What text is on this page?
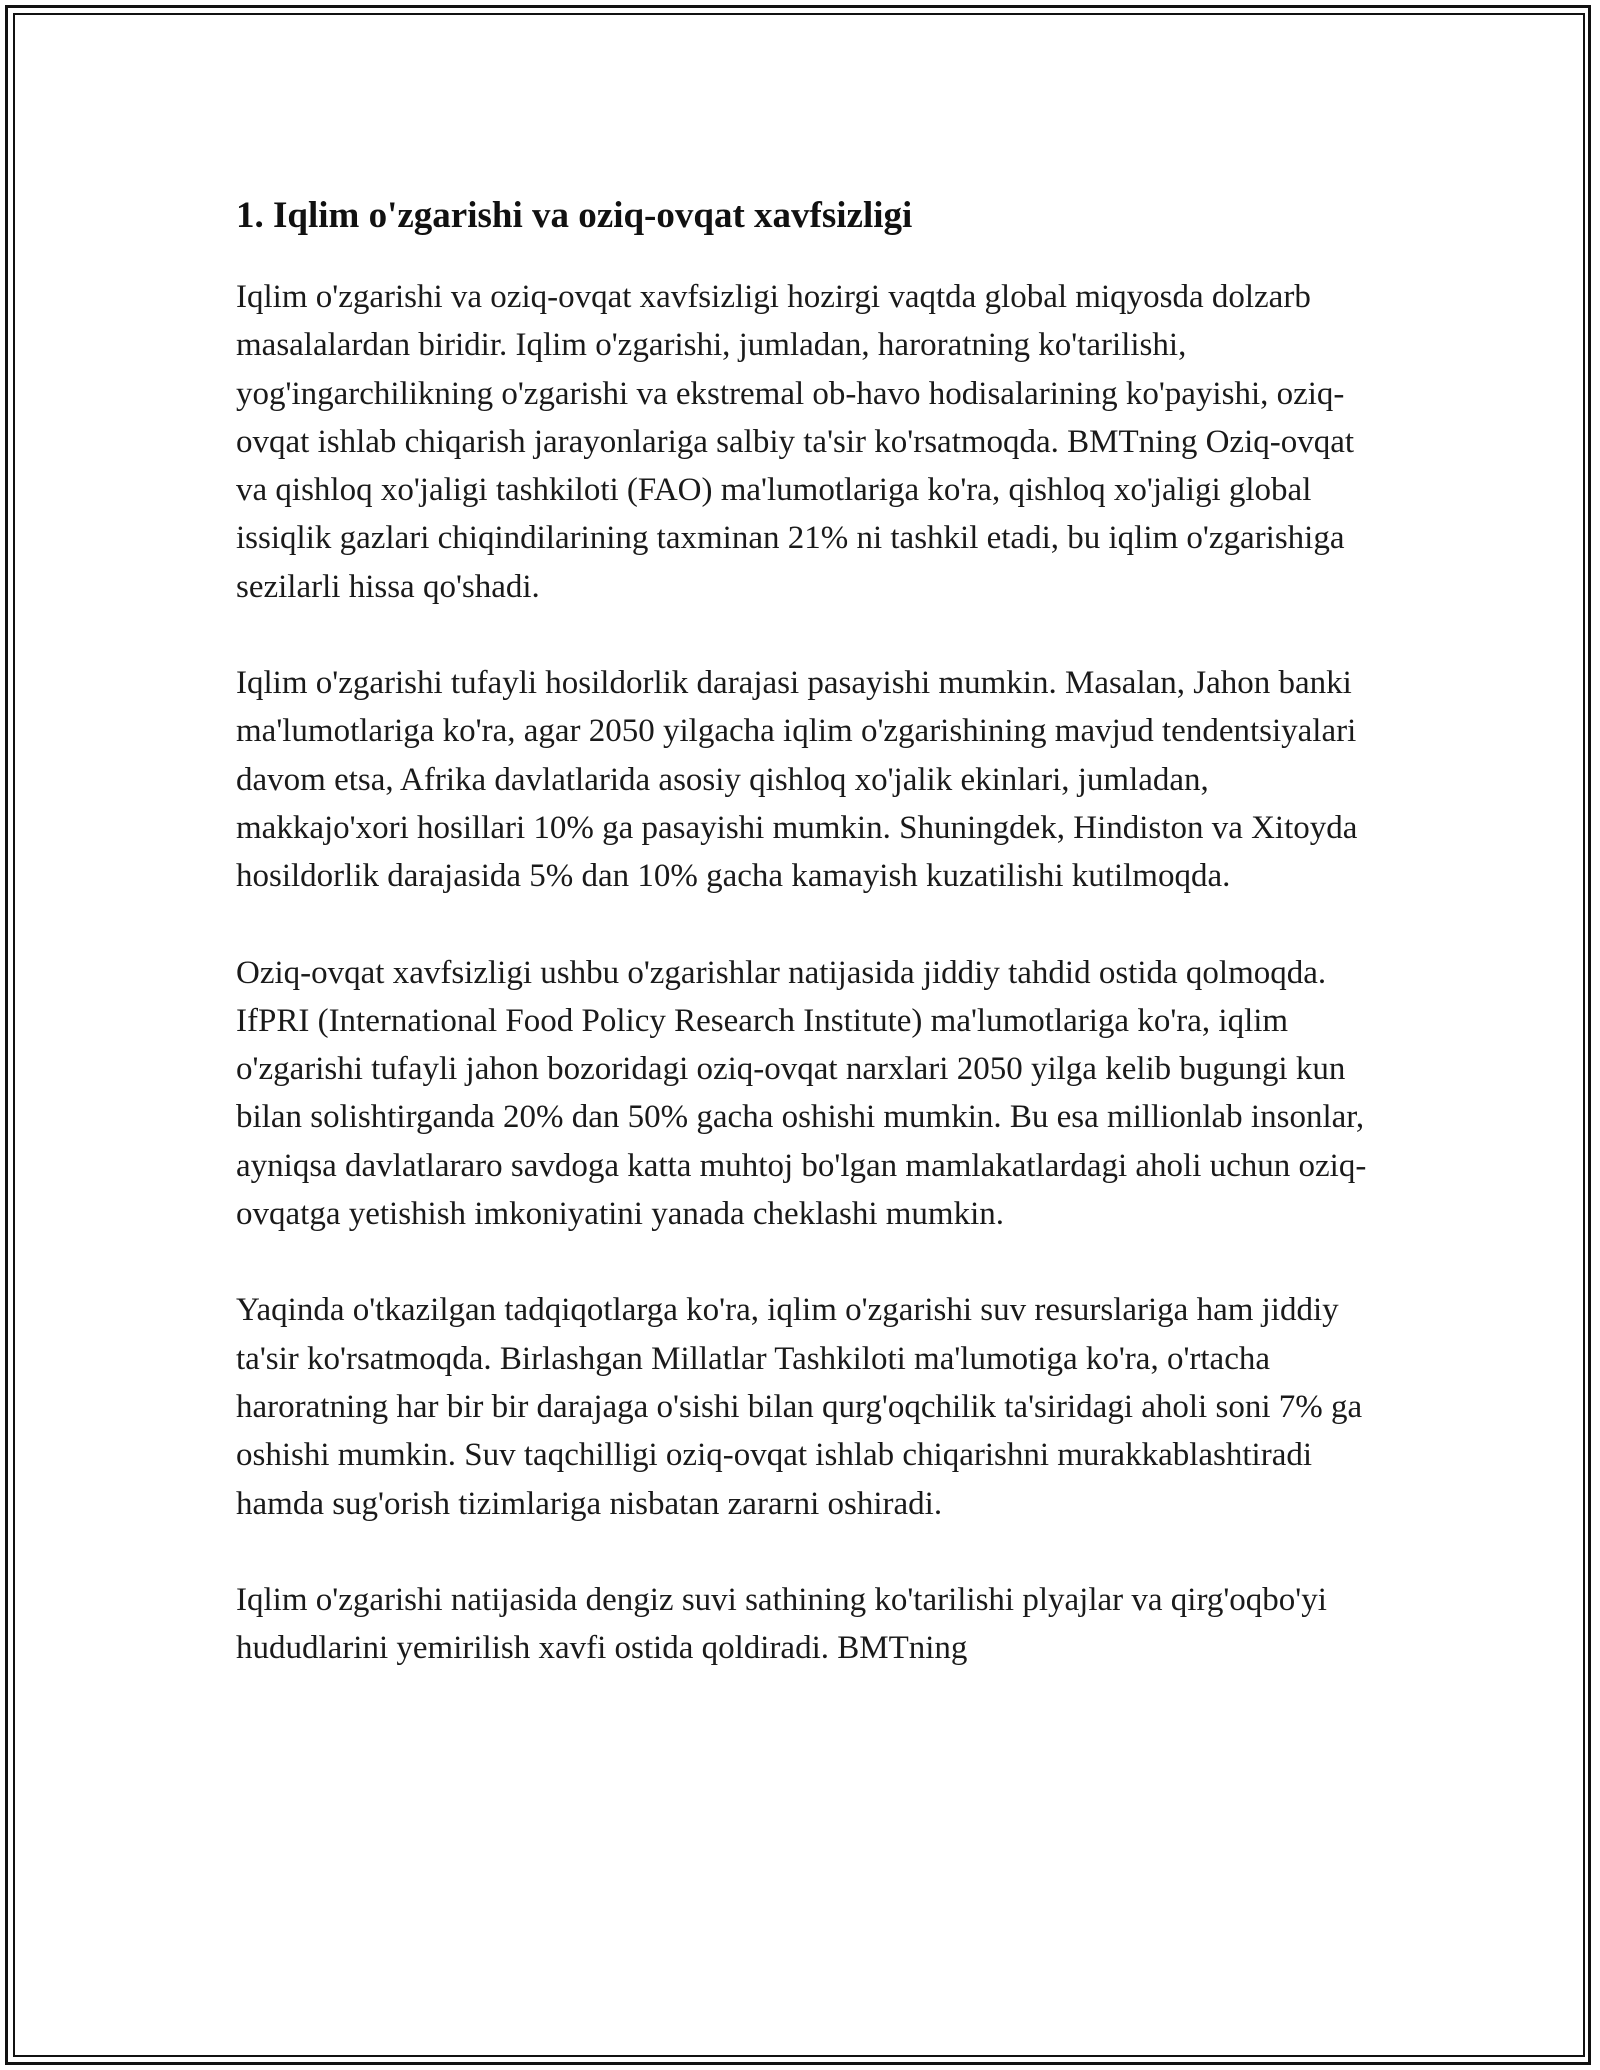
1. Iqlim o'zgarishi va oziq-ovqat xavfsizligi

Iqlim o'zgarishi va oziq-ovqat xavfsizligi hozirgi vaqtda global miqyosda dolzarb masalalardan biridir. Iqlim o'zgarishi, jumladan, haroratning ko'tarilishi, yog'ingarchilikning o'zgarishi va ekstremal ob-havo hodisalarining ko'payishi, oziq-ovqat ishlab chiqarish jarayonlariga salbiy ta'sir ko'rsatmoqda. BMTning Oziq-ovqat va qishloq xo'jaligi tashkiloti (FAO) ma'lumotlariga ko'ra, qishloq xo'jaligi global issiqlik gazlari chiqindilarining taxminan 21% ni tashkil etadi, bu iqlim o'zgarishiga sezilarli hissa qo'shadi.

Iqlim o'zgarishi tufayli hosildorlik darajasi pasayishi mumkin. Masalan, Jahon banki ma'lumotlariga ko'ra, agar 2050 yilgacha iqlim o'zgarishining mavjud tendentsiyalari davom etsa, Afrika davlatlarida asosiy qishloq xo'jalik ekinlari, jumladan, makkajo'xori hosillari 10% ga pasayishi mumkin. Shuningdek, Hindiston va Xitoyda hosildorlik darajasida 5% dan 10% gacha kamayish kuzatilishi kutilmoqda.

Oziq-ovqat xavfsizligi ushbu o'zgarishlar natijasida jiddiy tahdid ostida qolmoqda. IfPRI (International Food Policy Research Institute) ma'lumotlariga ko'ra, iqlim o'zgarishi tufayli jahon bozoridagi oziq-ovqat narxlari 2050 yilga kelib bugungi kun bilan solishtirganda 20% dan 50% gacha oshishi mumkin. Bu esa millionlab insonlar, ayniqsa davlatlararo savdoga katta muhtoj bo'lgan mamlakatlardagi aholi uchun oziq-ovqatga yetishish imkoniyatini yanada cheklashi mumkin.

Yaqinda o'tkazilgan tadqiqotlarga ko'ra, iqlim o'zgarishi suv resurslariga ham jiddiy ta'sir ko'rsatmoqda. Birlashgan Millatlar Tashkiloti ma'lumotiga ko'ra, o'rtacha haroratning har bir bir darajaga o'sishi bilan qurg'oqchilik ta'siridagi aholi soni 7% ga oshishi mumkin. Suv taqchilligi oziq-ovqat ishlab chiqarishni murakkablashtiradi hamda sug'orish tizimlariga nisbatan zararni oshiradi.

Iqlim o'zgarishi natijasida dengiz suvi sathining ko'tarilishi plyajlar va qirg'oqbo'yi hududlarini yemirilish xavfi ostida qoldiradi. BMTning
